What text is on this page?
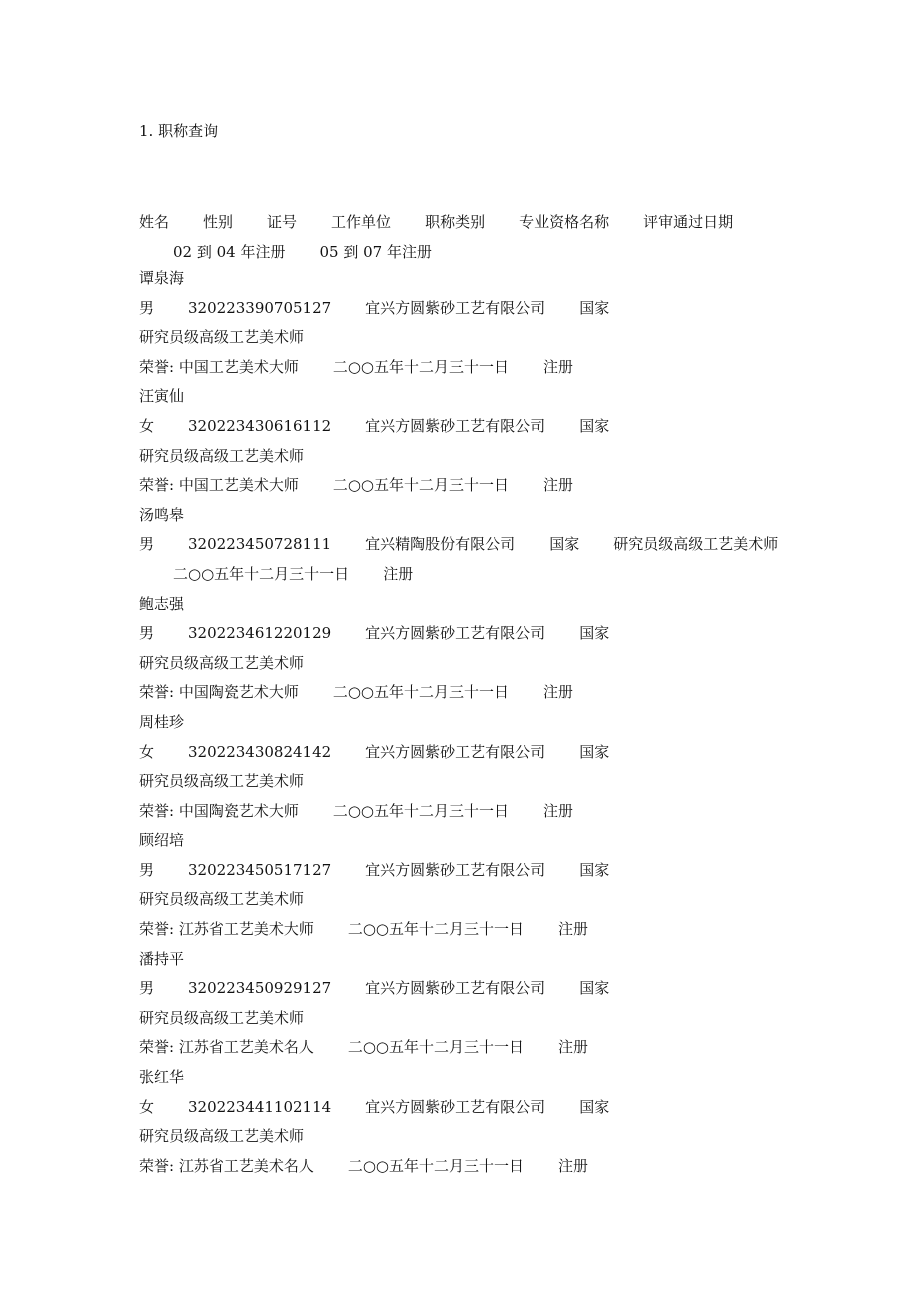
1. 职称查询
姓名 性别 证号 工作单位 职称类别 专业资格名称 评审通过日期
02 到 04 年注册 05 到 07 年注册
谭泉海
男 320223390705127 宜兴方圆紫砂工艺有限公司 国家研究员级高级工艺美术师
荣誉: 中国工艺美术大师 二○○五年十二月三十一日 注册
汪寅仙
女 320223430616112 宜兴方圆紫砂工艺有限公司 国家研究员级高级工艺美术师
荣誉: 中国工艺美术大师 二○○五年十二月三十一日 注册
汤鸣皋
男 320223450728111 宜兴精陶股份有限公司 国家 研究员级高级工艺美术师
二○○五年十二月三十一日 注册
鲍志强
男 320223461220129 宜兴方圆紫砂工艺有限公司 国家研究员级高级工艺美术师
荣誉: 中国陶瓷艺术大师 二○○五年十二月三十一日 注册
周桂珍
女 320223430824142 宜兴方圆紫砂工艺有限公司 国家研究员级高级工艺美术师
荣誉: 中国陶瓷艺术大师 二○○五年十二月三十一日 注册
顾绍培
男 320223450517127 宜兴方圆紫砂工艺有限公司 国家研究员级高级工艺美术师
荣誉: 江苏省工艺美术大师 二○○五年十二月三十一日 注册
潘持平
男 320223450929127 宜兴方圆紫砂工艺有限公司 国家研究员级高级工艺美术师
荣誉: 江苏省工艺美术名人 二○○五年十二月三十一日 注册
张红华
女 320223441102114 宜兴方圆紫砂工艺有限公司 国家研究员级高级工艺美术师
荣誉: 江苏省工艺美术名人 二○○五年十二月三十一日 注册
